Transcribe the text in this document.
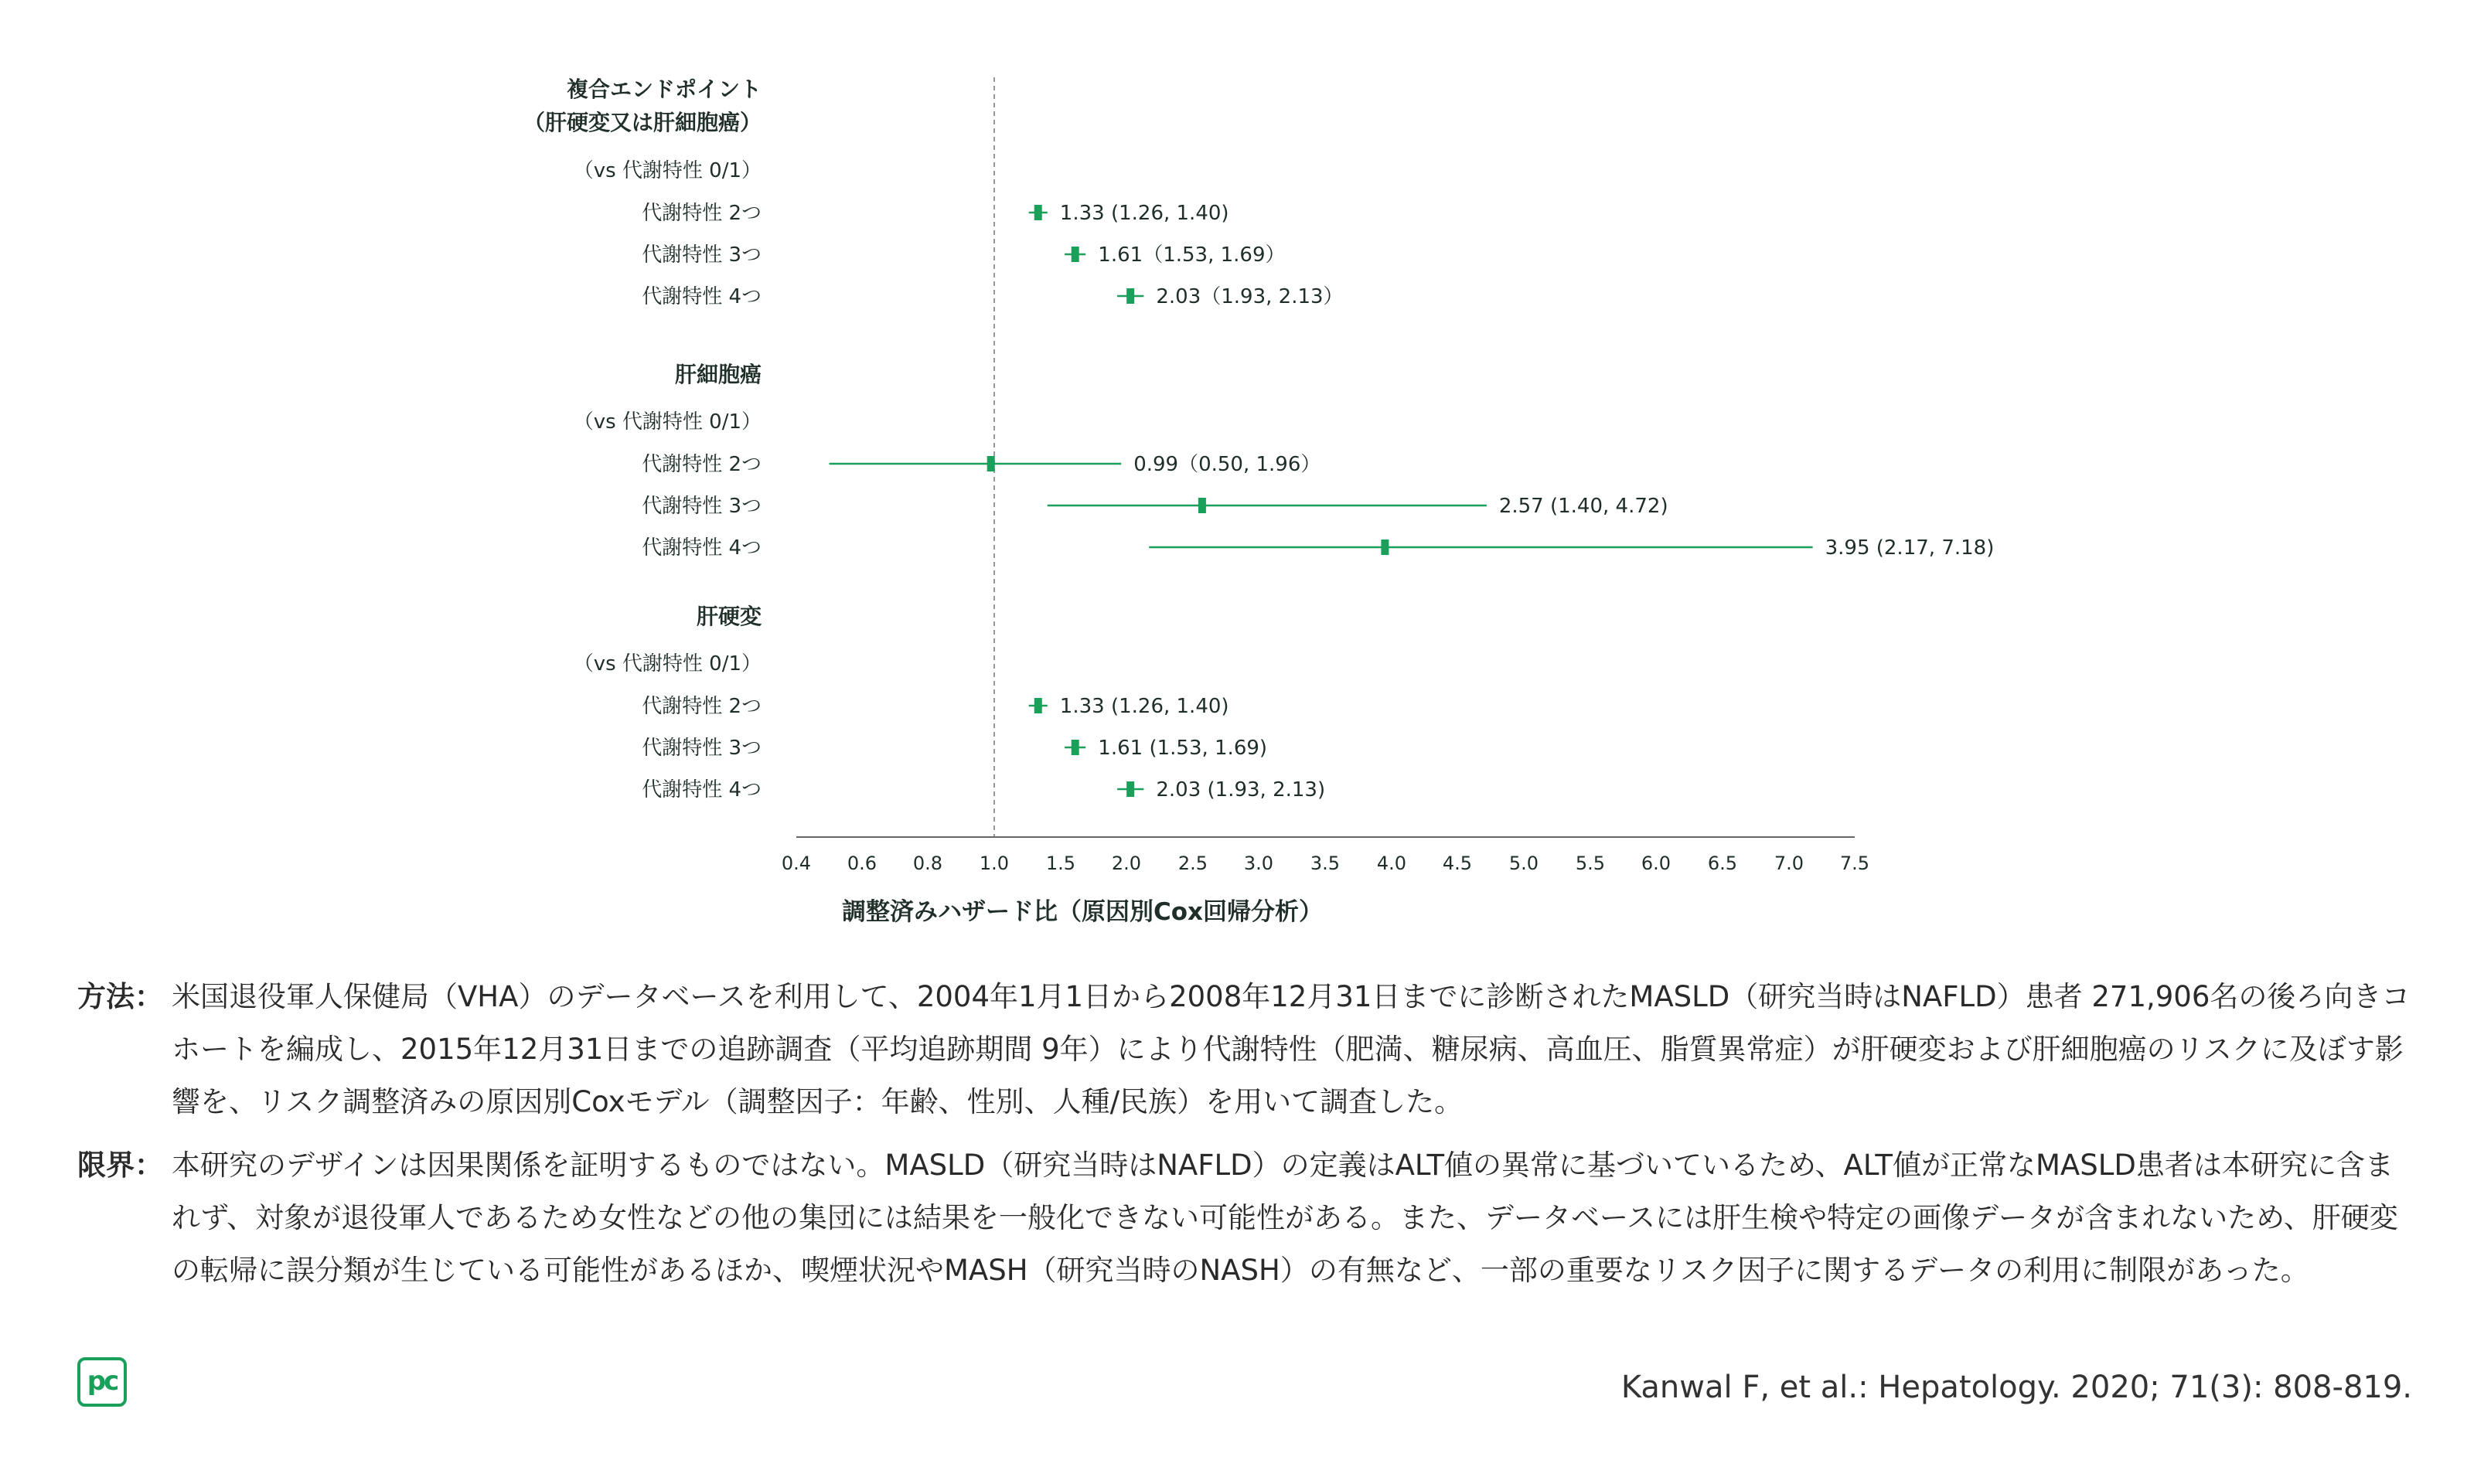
0.4 0.6 0.8 1.0 1.5 2.0 2.5 3.0 3.5 4.0 4.5 5.0 5.5 6.0 6.5 7.0 7.5
調整済みハザード比（原因別Cox回帰分析）
複合エンドポイント
（肝硬変又は肝細胞癌）
（vs 代謝特性 0/1）
代謝特性 2つ	1.33 (1.26, 1.40)
代謝特性 3つ	1.61（1.53, 1.69）
代謝特性 4つ	2.03（1.93, 2.13）
肝細胞癌
（vs 代謝特性 0/1）
代謝特性 2つ	0.99（0.50, 1.96）
代謝特性 3つ	2.57 (1.40, 4.72)
代謝特性 4つ	3.95 (2.17, 7.18)
肝硬変
（vs 代謝特性 0/1）
代謝特性 2つ	1.33 (1.26, 1.40)
代謝特性 3つ	1.61 (1.53, 1.69)
代謝特性 4つ	2.03 (1.93, 2.13)
方法： 米国退役軍人保健局（VHA）のデータベースを利用して、2004年1月1日から2008年12月31日までに診断されたMASLD（研究当時はNAFLD）患者 271,906名の後ろ向きコホートを編成し、2015年12月31日までの追跡調査（平均追跡期間 9年）により代謝特性（肥満、糖尿病、高血圧、脂質異常症）が肝硬変および肝細胞癌のリスクに及ぼす影響を、リスク調整済みの原因別Coxモデル（調整因子：年齢、性別、人種/民族）を用いて調査した。
限界： 本研究のデザインは因果関係を証明するものではない。MASLD（研究当時はNAFLD）の定義はALT値の異常に基づいているため、ALT値が正常なMASLD患者は本研究に含まれず、対象が退役軍人であるため女性などの他の集団には結果を一般化できない可能性がある。また、データベースには肝生検や特定の画像データが含まれないため、肝硬変の転帰に誤分類が生じている可能性があるほか、喫煙状況やMASH（研究当時のNASH）の有無など、一部の重要なリスク因子に関するデータの利用に制限があった。
pc	Kanwal F, et al.: Hepatology. 2020; 71(3): 808-819.
